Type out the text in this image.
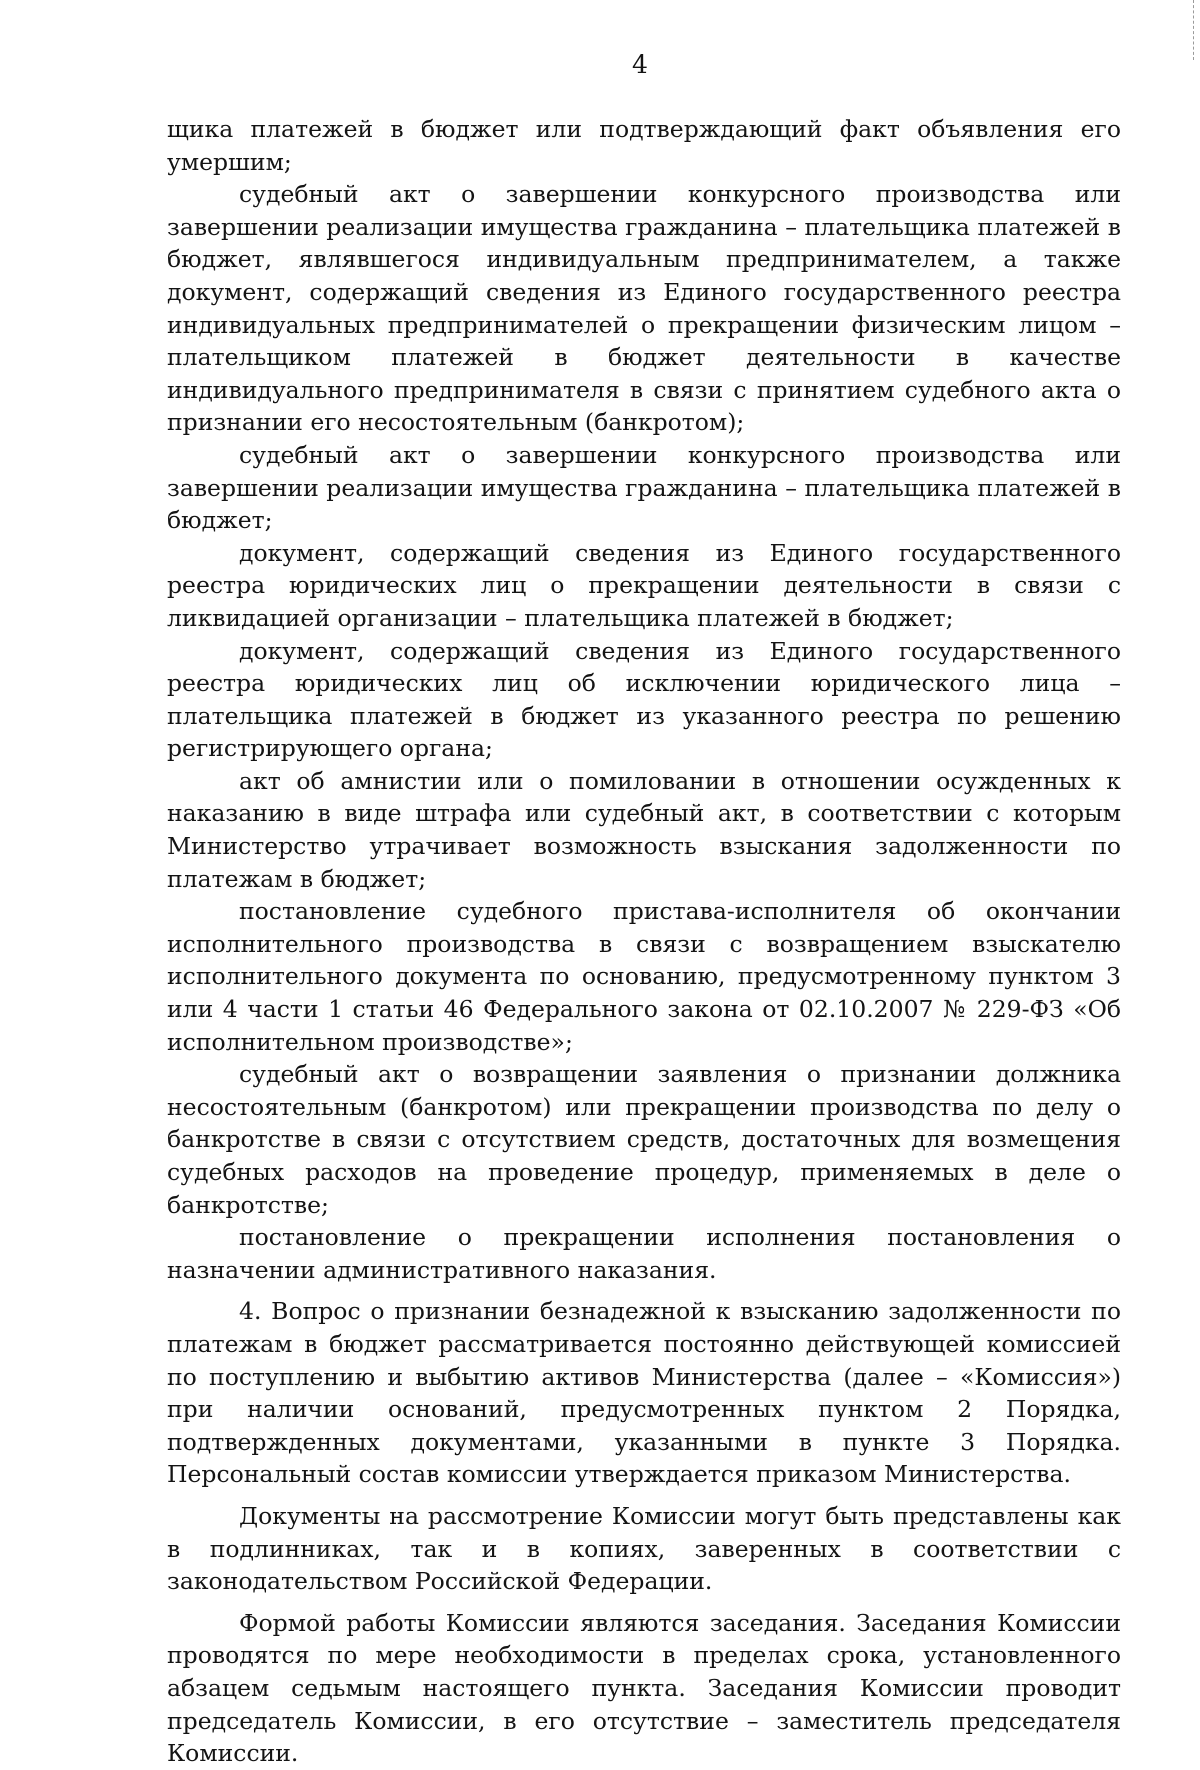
4

щика платежей в бюджет или подтверждающий факт объявления его умершим;

судебный акт о завершении конкурсного производства или завершении реализации имущества гражданина – плательщика платежей в бюджет, являвшегося индивидуальным предпринимателем, а также документ, содержащий сведения из Единого государственного реестра индивидуальных предпринимателей о прекращении физическим лицом – плательщиком платежей в бюджет деятельности в качестве индивидуального предпринимателя в связи с принятием судебного акта о признании его несостоятельным (банкротом);

судебный акт о завершении конкурсного производства или завершении реализации имущества гражданина – плательщика платежей в бюджет;

документ, содержащий сведения из Единого государственного реестра юридических лиц о прекращении деятельности в связи с ликвидацией организации – плательщика платежей в бюджет;

документ, содержащий сведения из Единого государственного реестра юридических лиц об исключении юридического лица – плательщика платежей в бюджет из указанного реестра по решению регистрирующего органа;

акт об амнистии или о помиловании в отношении осужденных к наказанию в виде штрафа или судебный акт, в соответствии с которым Министерство утрачивает возможность взыскания задолженности по платежам в бюджет;

постановление судебного пристава-исполнителя об окончании исполнительного производства в связи с возвращением взыскателю исполнительного документа по основанию, предусмотренному пунктом 3 или 4 части 1 статьи 46 Федерального закона от 02.10.2007 № 229-ФЗ «Об исполнительном производстве»;

судебный акт о возвращении заявления о признании должника несостоятельным (банкротом) или прекращении производства по делу о банкротстве в связи с отсутствием средств, достаточных для возмещения судебных расходов на проведение процедур, применяемых в деле о банкротстве;

постановление о прекращении исполнения постановления о назначении административного наказания.

4. Вопрос о признании безнадежной к взысканию задолженности по платежам в бюджет рассматривается постоянно действующей комиссией по поступлению и выбытию активов Министерства (далее – «Комиссия») при наличии оснований, предусмотренных пунктом 2 Порядка, подтвержденных документами, указанными в пункте 3 Порядка. Персональный состав комиссии утверждается приказом Министерства.

Документы на рассмотрение Комиссии могут быть представлены как в подлинниках, так и в копиях, заверенных в соответствии с законодательством Российской Федерации.

Формой работы Комиссии являются заседания. Заседания Комиссии проводятся по мере необходимости в пределах срока, установленного абзацем седьмым настоящего пункта. Заседания Комиссии проводит председатель Комиссии, в его отсутствие – заместитель председателя Комиссии.
